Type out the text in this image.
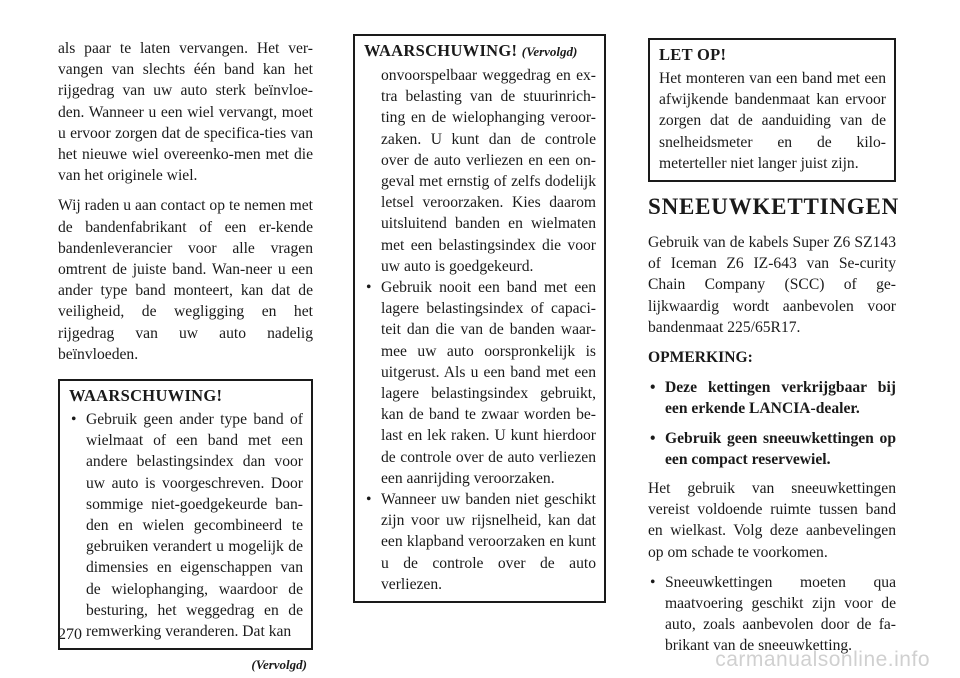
als paar te laten vervangen. Het ver-vangen van slechts één band kan het rijgedrag van uw auto sterk beïnvloe-den. Wanneer u een wiel vervangt, moet u ervoor zorgen dat de specifica-ties van het nieuwe wiel overeenko-men met die van het originele wiel.

Wij raden u aan contact op te nemen met de bandenfabrikant of een er-kende bandenleverancier voor alle vragen omtrent de juiste band. Wan-neer u een ander type band monteert, kan dat de veiligheid, de wegligging en het rijgedrag van uw auto nadelig beïnvloeden.

WAARSCHUWING!
• Gebruik geen ander type band of wielmaat of een band met een andere belastingsindex dan voor uw auto is voorgeschreven. Door sommige niet-goedgekeurde ban-den en wielen gecombineerd te gebruiken verandert u mogelijk de dimensies en eigenschappen van de wielophanging, waardoor de besturing, het weggedrag en de remwerking veranderen. Dat kan
(Vervolgd)
WAARSCHUWING! (Vervolgd)
onvoorspelbaar weggedrag en ex-tra belasting van de stuurinrich-ting en de wielophanging veroor-zaken. U kunt dan de controle over de auto verliezen en een on-geval met ernstig of zelfs dodelijk letsel veroorzaken. Kies daarom uitsluitend banden en wielmaten met een belastingsindex die voor uw auto is goedgekeurd.
• Gebruik nooit een band met een lagere belastingsindex of capaci-teit dan die van de banden waar-mee uw auto oorspronkelijk is uitgerust. Als u een band met een lagere belastingsindex gebruikt, kan de band te zwaar worden be-last en lek raken. U kunt hierdoor de controle over de auto verliezen een aanrijding veroorzaken.
• Wanneer uw banden niet geschikt zijn voor uw rijsnelheid, kan dat een klapband veroorzaken en kunt u de controle over de auto verliezen.
LET OP!
Het monteren van een band met een afwijkende bandenmaat kan ervoor zorgen dat de aanduiding van de snelheidsmeter en de kilo-meterteller niet langer juist zijn.
SNEEUWKETTINGEN

Gebruik van de kabels Super Z6 SZ143 of Iceman Z6 IZ-643 van Se-curity Chain Company (SCC) of ge-lijkwaardig wordt aanbevolen voor bandenmaat 225/65R17.

OPMERKING:

• Deze kettingen verkrijgbaar bij een erkende LANCIA-dealer.
• Gebruik geen sneeuwkettingen op een compact reservewiel.

Het gebruik van sneeuwkettingen vereist voldoende ruimte tussen band en wielkast. Volg deze aanbevelingen op om schade te voorkomen.

• Sneeuwkettingen moeten qua maatvoering geschikt zijn voor de auto, zoals aanbevolen door de fa-brikant van de sneeuwketting.
270
carmanualsonline.info
